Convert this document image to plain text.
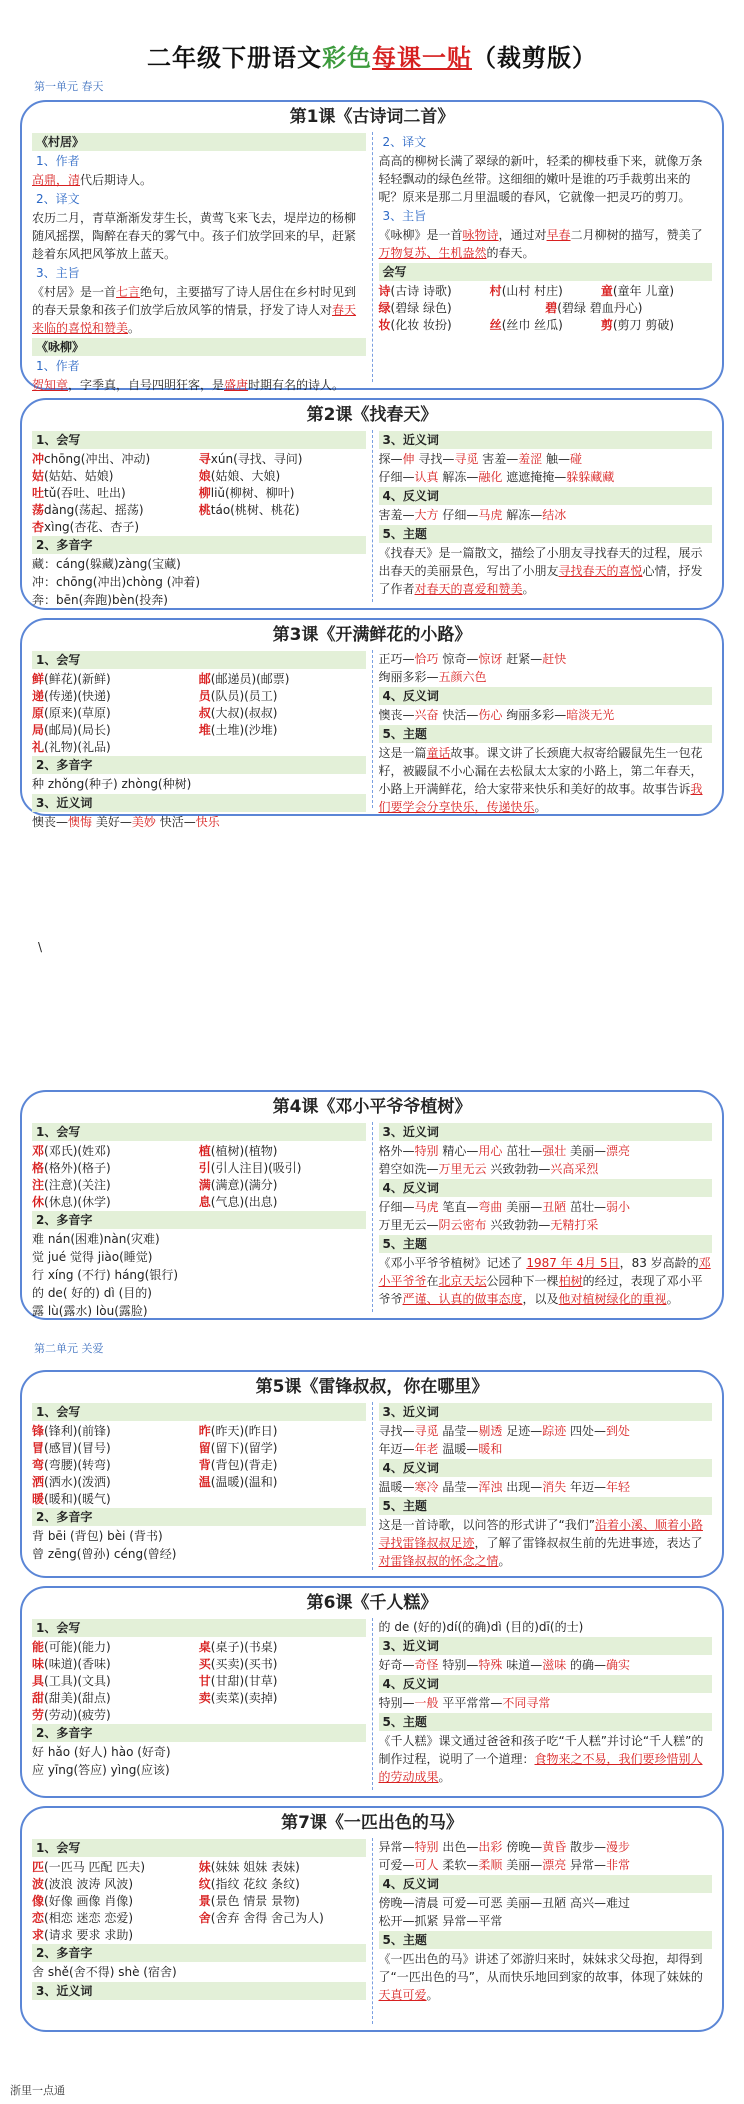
二年级下册语文彩色每课一贴（裁剪版）
第一单元 春天
第1课《古诗词二首》
《村居》
1、作者
高鼎，清代后期诗人。
2、译文
农历二月，青草渐渐发芽生长，黄莺飞来飞去，堤岸边的杨柳随风摇摆，陶醉在春天的雾气中。孩子们放学回来的早，赶紧趁着东风把风筝放上蓝天。
3、主旨
《村居》是一首七言绝句，主要描写了诗人居住在乡村时见到的春天景象和孩子们放学后放风筝的情景，抒发了诗人对春天来临的喜悦和赞美。
《咏柳》
1、作者
贺知章，字季真，自号四明狂客，是盛唐时期有名的诗人。
2、译文
高高的柳树长满了翠绿的新叶，轻柔的柳枝垂下来，就像万条轻轻飘动的绿色丝带。这细细的嫩叶是谁的巧手裁剪出来的呢？原来是那二月里温暖的春风，它就像一把灵巧的剪刀。
3、主旨
《咏柳》是一首咏物诗，通过对早春二月柳树的描写，赞美了万物复苏、生机盎然的春天。
会写
诗(古诗 诗歌)	村(山村 村庄)	童(童年 儿童)
绿(碧绿 绿色)	碧(碧绿 碧血丹心)
妆(化妆 妆扮)	丝(丝巾 丝瓜)	剪(剪刀 剪破)
第2课《找春天》
1、会写
冲chōng(冲出、冲动)	寻xún(寻找、寻问)
姑(姑姑、姑娘)	娘(姑娘、大娘)
吐tǔ(吞吐、吐出)	柳liǔ(柳树、柳叶)
荡dàng(荡起、摇荡)	桃táo(桃树、桃花)
杏xìng(杏花、杏子)
2、多音字
藏：cáng(躲藏)zàng(宝藏)
冲：chōng(冲出)chòng (冲着)
奔：bēn(奔跑)bèn(投奔)
3、近义词
探—伸 寻找—寻觅 害羞—羞涩 触—碰
仔细—认真 解冻—融化 遮遮掩掩—躲躲藏藏
4、反义词
害羞—大方 仔细—马虎 解冻—结冰
5、主题
《找春天》是一篇散文，描绘了小朋友寻找春天的过程，展示出春天的美丽景色，写出了小朋友寻找春天的喜悦心情，抒发了作者对春天的喜爱和赞美。
第3课《开满鲜花的小路》
1、会写
鲜(鲜花)(新鲜)	邮(邮递员)(邮票)
递(传递)(快递)	员(队员)(员工)
原(原来)(草原)	叔(大叔)(叔叔)
局(邮局)(局长)	堆(土堆)(沙堆)
礼(礼物)(礼品)
2、多音字
种 zhǒng(种子) zhòng(种树)
3、近义词
懊丧—懊悔 美好—美妙 快活—快乐
正巧—恰巧 惊奇—惊讶 赶紧—赶快
绚丽多彩—五颜六色
4、反义词
懊丧—兴奋 快活—伤心 绚丽多彩—暗淡无光
5、主题
这是一篇童话故事。课文讲了长颈鹿大叔寄给鼹鼠先生一包花籽，被鼹鼠不小心漏在去松鼠太太家的小路上，第二年春天，小路上开满鲜花，给大家带来快乐和美好的故事。故事告诉我们要学会分享快乐，传递快乐。
\
第4课《邓小平爷爷植树》
1、会写
邓(邓氏)(姓邓)	植(植树)(植物)
格(格外)(格子)	引(引人注目)(吸引)
注(注意)(关注)	满(满意)(满分)
休(休息)(休学)	息(气息)(出息)
2、多音字
难 nán(困难)nàn(灾难)
觉 jué 觉得 jiào(睡觉)
行 xíng (不行) háng(银行)
的 de( 好的) dì (目的)
露 lù(露水) lòu(露脸)
3、近义词
格外—特别 精心—用心 茁壮—强壮 美丽—漂亮
碧空如洗—万里无云 兴致勃勃—兴高采烈
4、反义词
仔细—马虎 笔直—弯曲 美丽—丑陋 茁壮—弱小
万里无云—阴云密布 兴致勃勃—无精打采
5、主题
《邓小平爷爷植树》记述了 1987 年 4月 5日，83 岁高龄的邓小平爷爷在北京天坛公园种下一棵柏树的经过，表现了邓小平爷爷严谨、认真的做事态度，以及他对植树绿化的重视。
第二单元 关爱
第5课《雷锋叔叔，你在哪里》
1、会写
锋(锋利)(前锋)	昨(昨天)(昨日)
冒(感冒)(冒号)	留(留下)(留学)
弯(弯腰)(转弯)	背(背包)(背走)
洒(洒水)(泼洒)	温(温暖)(温和)
暖(暖和)(暖气)
2、多音字
背 bēi (背包) bèi (背书)
曾 zēng(曾孙) céng(曾经)
3、近义词
寻找—寻觅 晶莹—剔透 足迹—踪迹 四处—到处
年迈—年老 温暖—暖和
4、反义词
温暖—寒冷 晶莹—浑浊 出现—消失 年迈—年轻
5、主题
这是一首诗歌，以问答的形式讲了“我们”沿着小溪、顺着小路寻找雷锋叔叔足迹，了解了雷锋叔叔生前的先进事迹，表达了对雷锋叔叔的怀念之情。
第6课《千人糕》
1、会写
能(可能)(能力)	桌(桌子)(书桌)
味(味道)(香味)	买(买卖)(买书)
具(工具)(文具)	甘(甘甜)(甘草)
甜(甜美)(甜点)	卖(卖菜)(卖掉)
劳(劳动)(疲劳)
2、多音字
好 hǎo (好人) hào (好奇)
应 yīng(答应) yìng(应该)
的 de (好的)dí(的确)dì (目的)dī(的士)
3、近义词
好奇—奇怪 特别—特殊 味道—滋味 的确—确实
4、反义词
特别—一般 平平常常—不同寻常
5、主题
《千人糕》课文通过爸爸和孩子吃“千人糕”并讨论“千人糕”的制作过程，说明了一个道理：食物来之不易，我们要珍惜别人的劳动成果。
第7课《一匹出色的马》
1、会写
匹(一匹马 匹配 匹夫)	妹(妹妹 姐妹 表妹)
波(波浪 波涛 风波)	纹(指纹 花纹 条纹)
像(好像 画像 肖像)	景(景色 情景 景物)
恋(相恋 迷恋 恋爱)	舍(舍弃 舍得 舍己为人)
求(请求 要求 求助)
2、多音字
舍 shě(舍不得) shè (宿舍)
3、近义词
异常—特别 出色—出彩 傍晚—黄昏 散步—漫步
可爱—可人 柔软—柔顺 美丽—漂亮 异常—非常
4、反义词
傍晚—清晨 可爱—可恶 美丽—丑陋 高兴—难过
松开—抓紧 异常—平常
5、主题
《一匹出色的马》讲述了郊游归来时，妹妹求父母抱，却得到了“一匹出色的马”，从而快乐地回到家的故事，体现了妹妹的天真可爱。
浙里一点通
